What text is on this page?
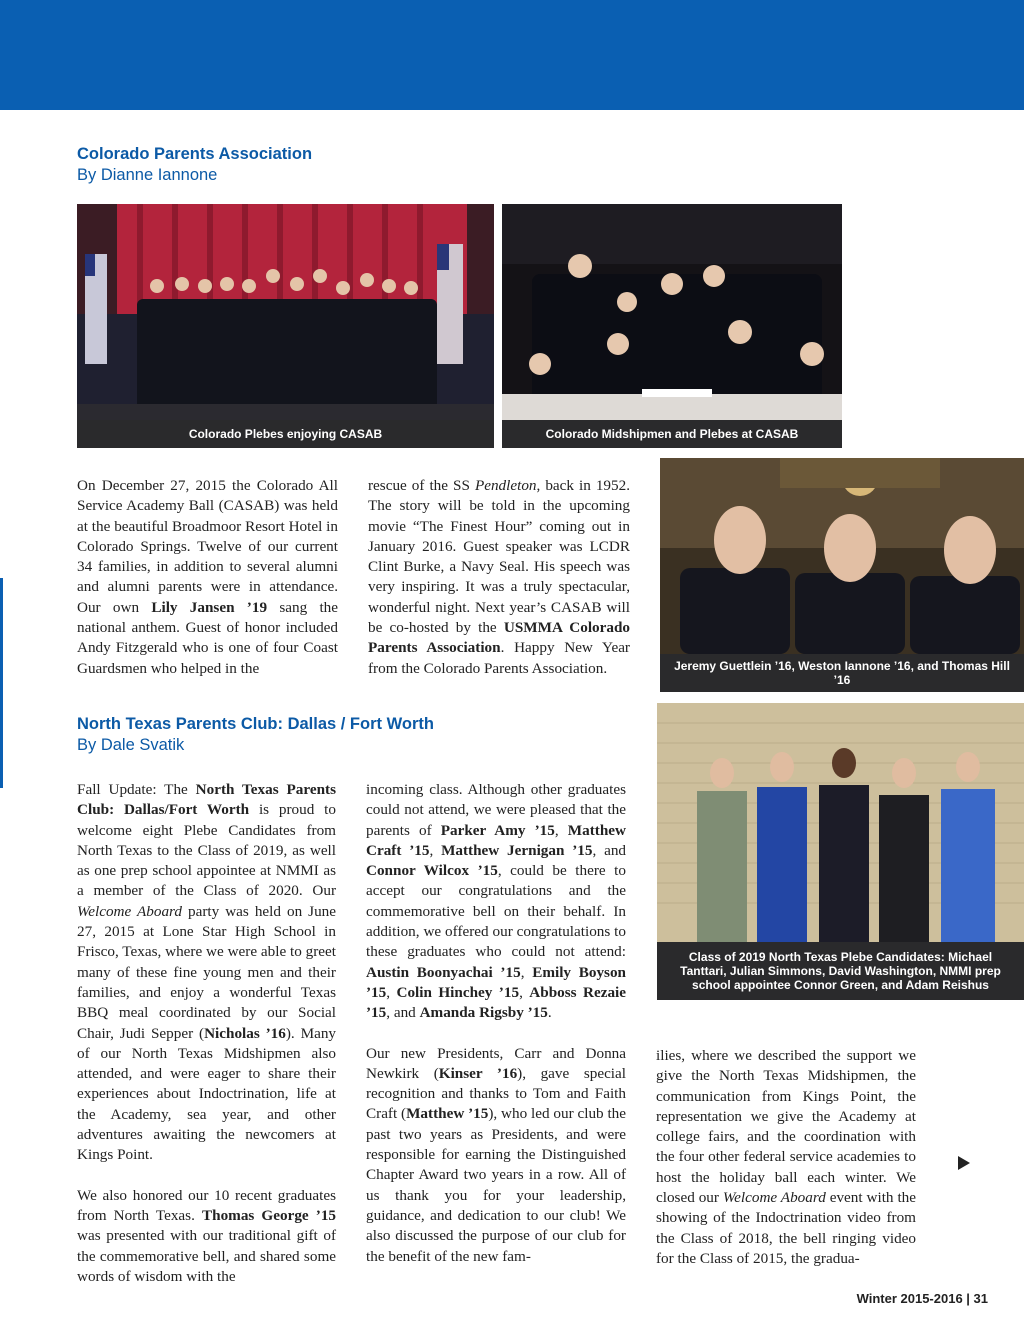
Colorado Parents Association
By Dianne Iannone
Colorado Plebes enjoying CASAB	Colorado Midshipmen and Plebes at CASAB
Jeremy Guettlein ’16, Weston Iannone ’16, and Thomas Hill ’16

On December 27, 2015 the Colorado All Service Academy Ball (CASAB) was held at the beautiful Broadmoor Resort Hotel in Colorado Springs. Twelve of our current 34 families, in addition to several alumni and alumni parents were in attendance. Our own Lily Jansen ’19 sang the national anthem. Guest of honor included Andy Fitzgerald who is one of four Coast Guardsmen who helped in the

rescue of the SS Pendleton, back in 1952. The story will be told in the upcoming movie “The Finest Hour” coming out in January 2016. Guest speaker was LCDR Clint Burke, a Navy Seal. His speech was very inspiring. It was a truly spectacular, wonderful night. Next year’s CASAB will be co-hosted by the USMMA Colorado Parents Association. Happy New Year from the Colorado Parents Association.

North Texas Parents Club: Dallas / Fort Worth
By Dale Svatik
Class of 2019 North Texas Plebe Candidates: Michael Tanttari, Julian Simmons, David Washington, NMMI prep school appointee Connor Green, and Adam Reishus

Fall Update: The North Texas Parents Club: Dallas/Fort Worth is proud to welcome eight Plebe Candidates from North Texas to the Class of 2019, as well as one prep school appointee at NMMI as a member of the Class of 2020. Our Welcome Aboard party was held on June 27, 2015 at Lone Star High School in Frisco, Texas, where we were able to greet many of these fine young men and their families, and enjoy a wonderful Texas BBQ meal coordinated by our Social Chair, Judi Sepper (Nicholas ’16). Many of our North Texas Midshipmen also attended, and were eager to share their experiences about Indoctrination, life at the Academy, sea year, and other adventures awaiting the newcomers at Kings Point.

We also honored our 10 recent graduates from North Texas. Thomas George ’15 was presented with our traditional gift of the commemorative bell, and shared some words of wisdom with the

incoming class. Although other graduates could not attend, we were pleased that the parents of Parker Amy ’15, Matthew Craft ’15, Matthew Jernigan ’15, and Connor Wilcox ’15, could be there to accept our congratulations and the commemorative bell on their behalf. In addition, we offered our congratulations to these graduates who could not attend: Austin Boonyachai ’15, Emily Boyson ’15, Colin Hinchey ’15, Abboss Rezaie ’15, and Amanda Rigsby ’15.

Our new Presidents, Carr and Donna Newkirk (Kinser ’16), gave special recognition and thanks to Tom and Faith Craft (Matthew ’15), who led our club the past two years as Presidents, and were responsible for earning the Distinguished Chapter Award two years in a row. All of us thank you for your leadership, guidance, and dedication to our club! We also discussed the purpose of our club for the benefit of the new fam-

ilies, where we described the support we give the North Texas Midshipmen, the communication from Kings Point, the representation we give the Academy at college fairs, and the coordination with the four other federal service academies to host the holiday ball each winter. We closed our Welcome Aboard event with the showing of the Indoctrination video from the Class of 2018, the bell ringing video for the Class of 2015, the gradua-

Winter 2015-2016 | 31
